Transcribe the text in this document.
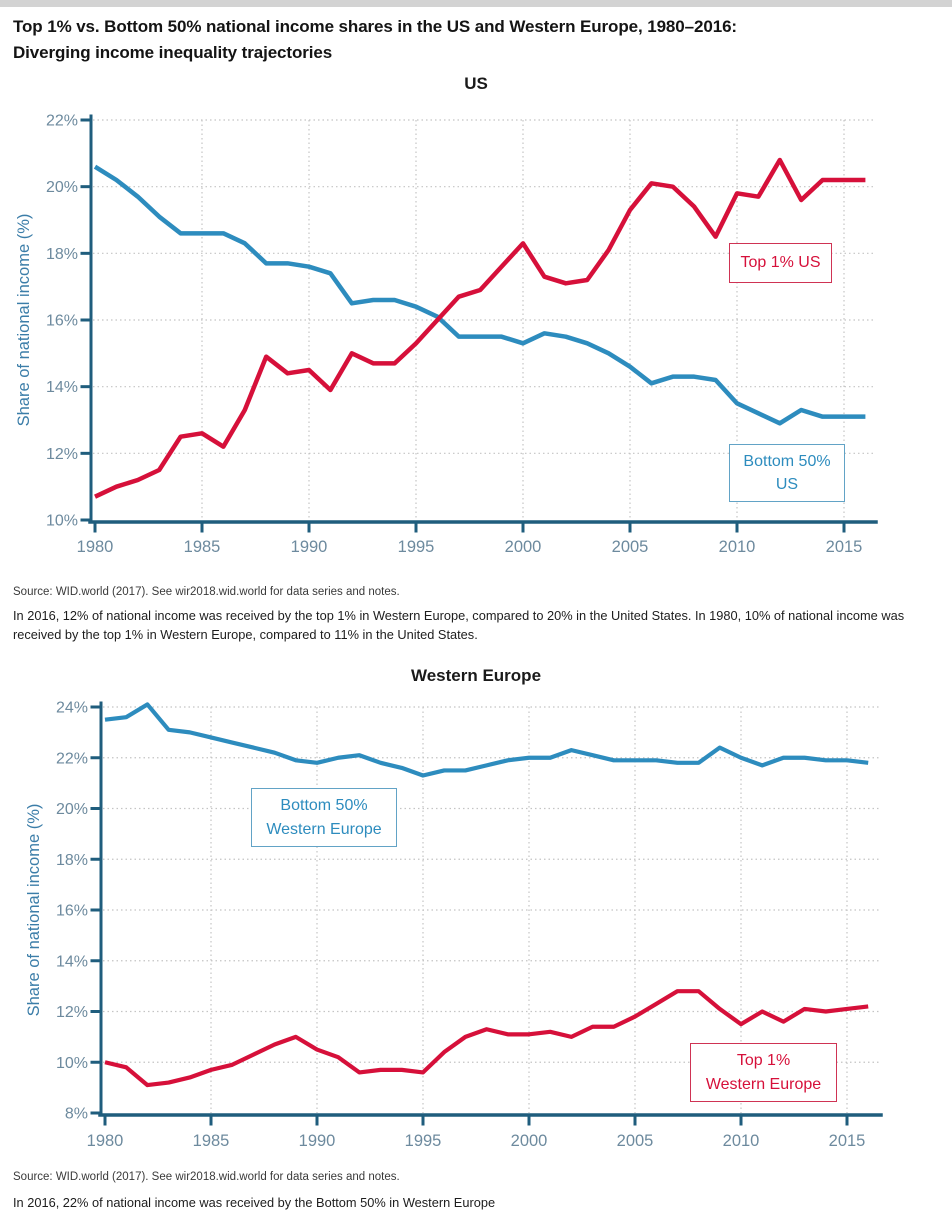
Top 1% vs. Bottom 50% national income shares in the US and Western Europe, 1980–2016:
Diverging income inequality trajectories
US
10%
12%
14%
16%
18%
20%
22%
1980	1985	1990	1995	2000	2005	2010	2015
Share of national income (%)	Top 1% US
Bottom 50%
US

Source: WID.world (2017). See wir2018.wid.world for data series and notes.

In 2016, 12% of national income was received by the top 1% in Western Europe, compared to 20% in the United States. In 1980, 10% of national income was received by the top 1% in Western Europe, compared to 11% in the United States.

Western Europe
8%
10%
12%
14%
16%
18%
20%
22%
24%
1980	1985	1990	1995	2000	2005	2010	2015
Share of national income (%)	Bottom 50%
Western Europe
Top 1%
Western Europe

Source: WID.world (2017). See wir2018.wid.world for data series and notes.

In 2016, 22% of national income was received by the Bottom 50% in Western Europe
